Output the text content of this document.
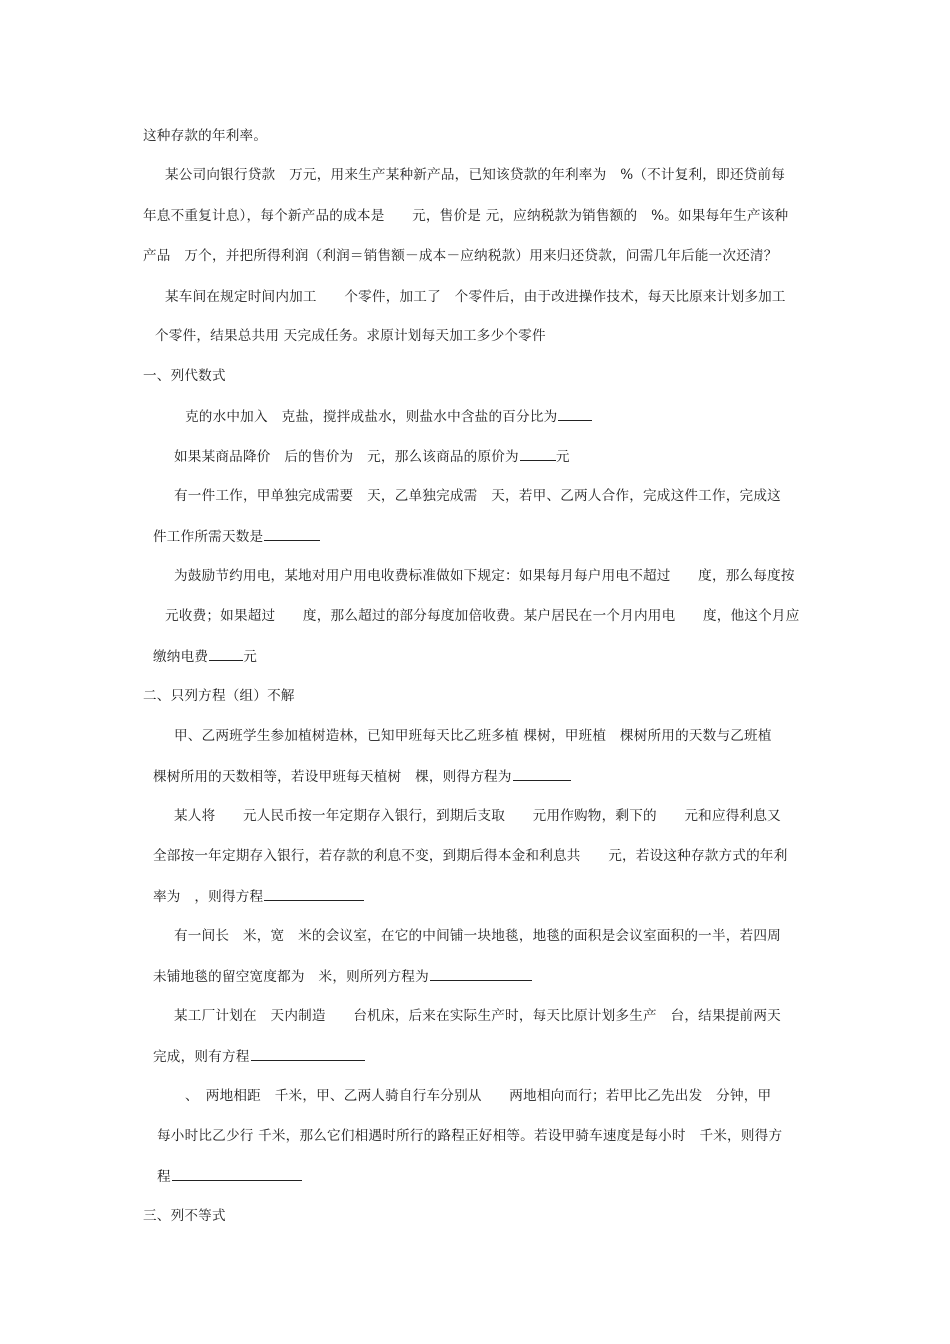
这种存款的年利率。

某公司向银行贷款　万元，用来生产某种新产品，已知该贷款的年利率为　%（不计复利，即还贷前每

年息不重复计息），每个新产品的成本是　　元，售价是 元，应纳税款为销售额的　%。如果每年生产该种

产品　万个，并把所得利润（利润＝销售额－成本－应纳税款）用来归还贷款，问需几年后能一次还清？

某车间在规定时间内加工　　个零件，加工了　个零件后，由于改进操作技术，每天比原来计划多加工

个零件，结果总共用 天完成任务。求原计划每天加工多少个零件

一、列代数式

克的水中加入　克盐，搅拌成盐水，则盐水中含盐的百分比为

如果某商品降价　后的售价为　元，那么该商品的原价为	元

有一件工作，甲单独完成需要　天，乙单独完成需　天，若甲、乙两人合作，完成这件工作，完成这

件工作所需天数是

为鼓励节约用电，某地对用户用电收费标准做如下规定：如果每月每户用电不超过　　度，那么每度按

元收费；如果超过　　度，那么超过的部分每度加倍收费。某户居民在一个月内用电　　度，他这个月应

缴纳电费	元

二、只列方程（组）不解

甲、乙两班学生参加植树造林，已知甲班每天比乙班多植 棵树，甲班植　棵树所用的天数与乙班植

棵树所用的天数相等，若设甲班每天植树　棵，则得方程为

某人将　　元人民币按一年定期存入银行，到期后支取　　元用作购物，剩下的　　元和应得利息又

全部按一年定期存入银行，若存款的利息不变，到期后得本金和利息共　　元，若设这种存款方式的年利

率为　，则得方程

有一间长　米，宽　米的会议室，在它的中间铺一块地毯，地毯的面积是会议室面积的一半，若四周

未铺地毯的留空宽度都为　米，则所列方程为

某工厂计划在　天内制造　　台机床，后来在实际生产时，每天比原计划多生产　台，结果提前两天

完成，则有方程

、　两地相距　千米，甲、乙两人骑自行车分别从　　两地相向而行；若甲比乙先出发　分钟，甲

每小时比乙少行 千米，那么它们相遇时所行的路程正好相等。若设甲骑车速度是每小时　千米，则得方

程

三、列不等式
